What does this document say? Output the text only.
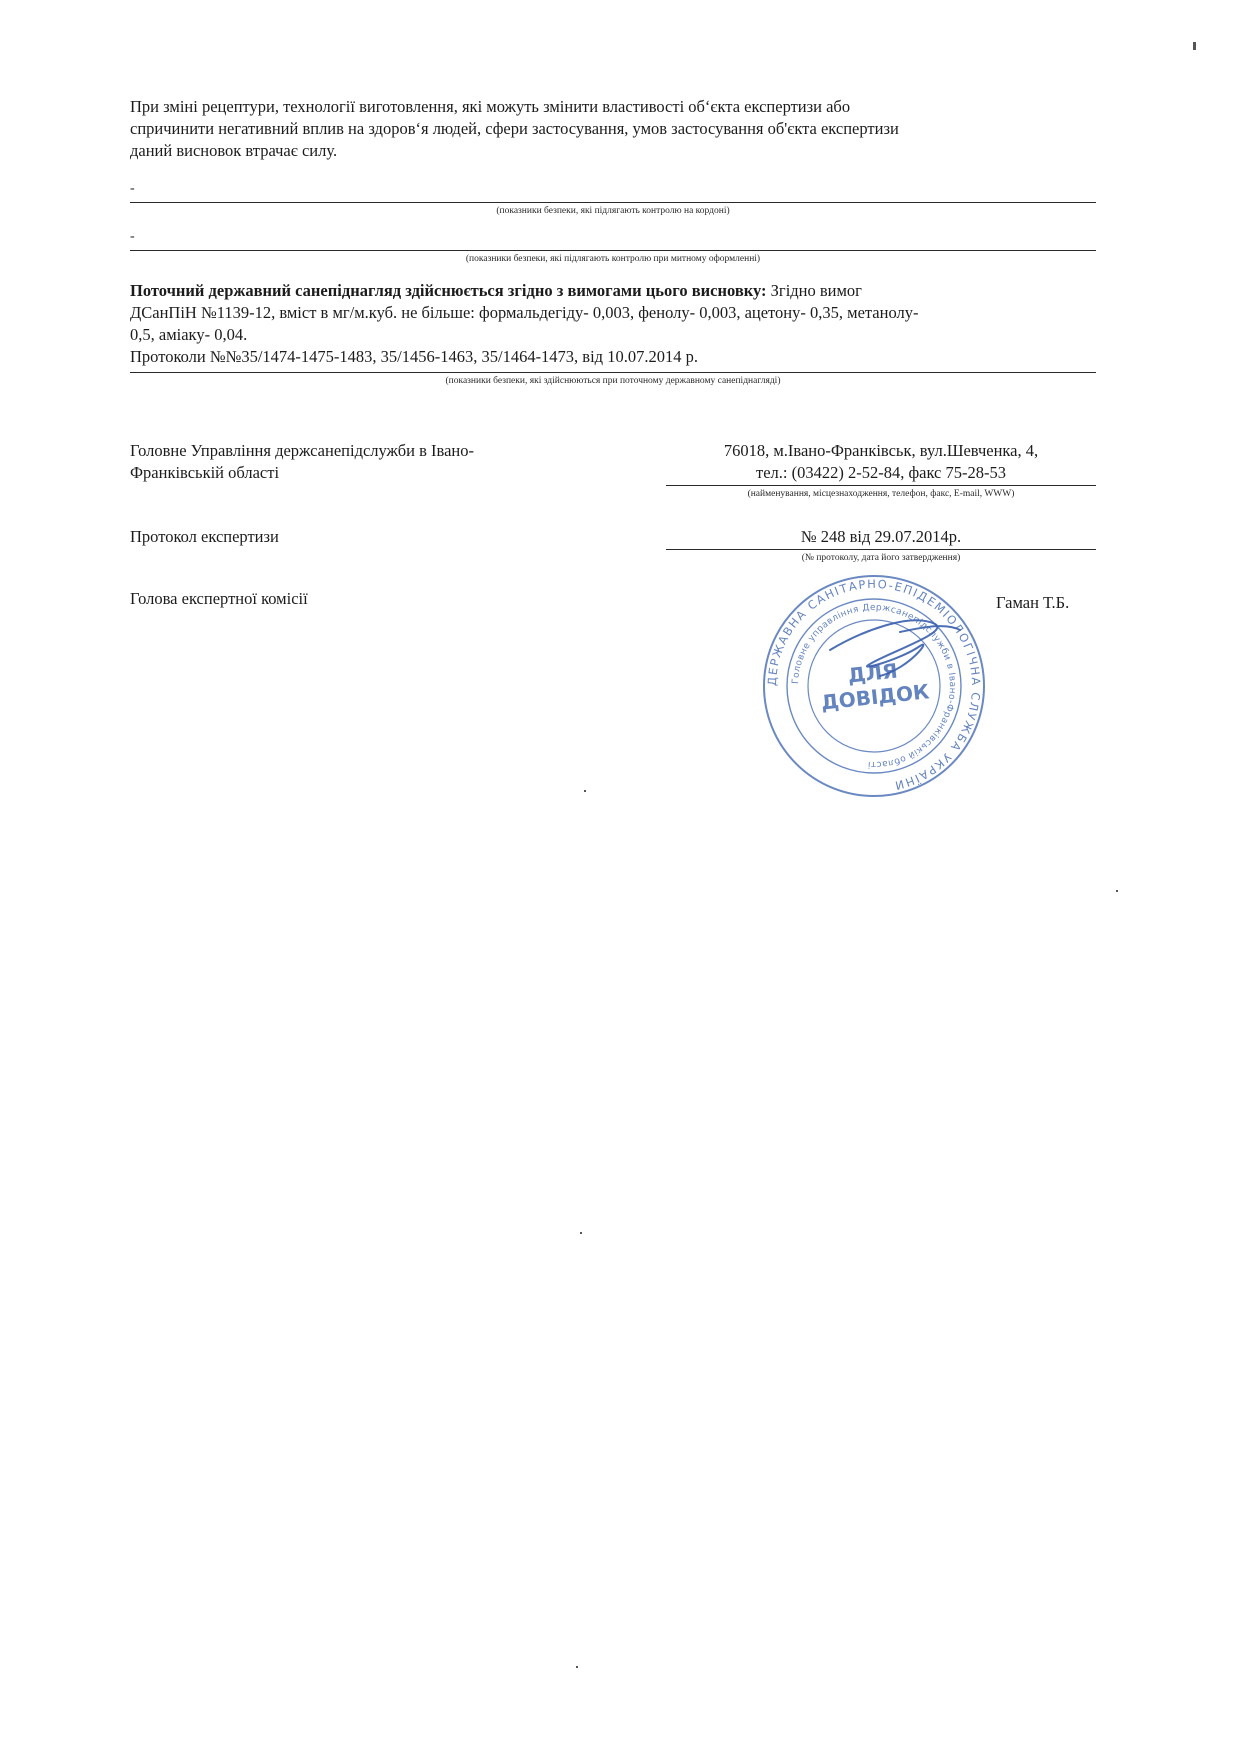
При зміні рецептури, технології виготовлення, які можуть змінити властивості об‘єкта експертизи або
спричинити негативний вплив на здоров‘я людей, сфери застосування, умов застосування об'єкта експертизи
даний висновок втрачає силу.
-
(показники безпеки, які підлягають контролю на кордоні)
-
(показники безпеки, які підлягають контролю при митному оформленні)
Поточний державний санепіднагляд здійснюється згідно з вимогами цього висновку: Згідно вимог
ДСанПіН №1139-12, вміст в мг/м.куб. не більше: формальдегіду- 0,003, фенолу- 0,003, ацетону- 0,35, метанолу-
0,5, аміаку- 0,04.
Протоколи №№35/1474-1475-1483, 35/1456-1463, 35/1464-1473, від 10.07.2014 р.
(показники безпеки, які здійснюються при поточному державному санепіднагляді)
Головне Управління держсанепідслужби в Івано-
Франківській області
76018, м.Івано-Франківськ, вул.Шевченка, 4,
тел.: (03422) 2-52-84, факс 75-28-53
(найменування, місцезнаходження, телефон, факс, E-mail, WWW)
Протокол експертизи	№ 248 від 29.07.2014р.
(№ протоколу, дата його затвердження)
Голова експертної комісії	Гаман Т.Б.
ДЕРЖАВНА САНІТАРНО-ЕПІДЕМІОЛОГІЧНА СЛУЖБА УКРАЇНИ
Головне управління Держсанепідслужби в Івано-Франківській області
ДЛЯ
ДОВІДОК
